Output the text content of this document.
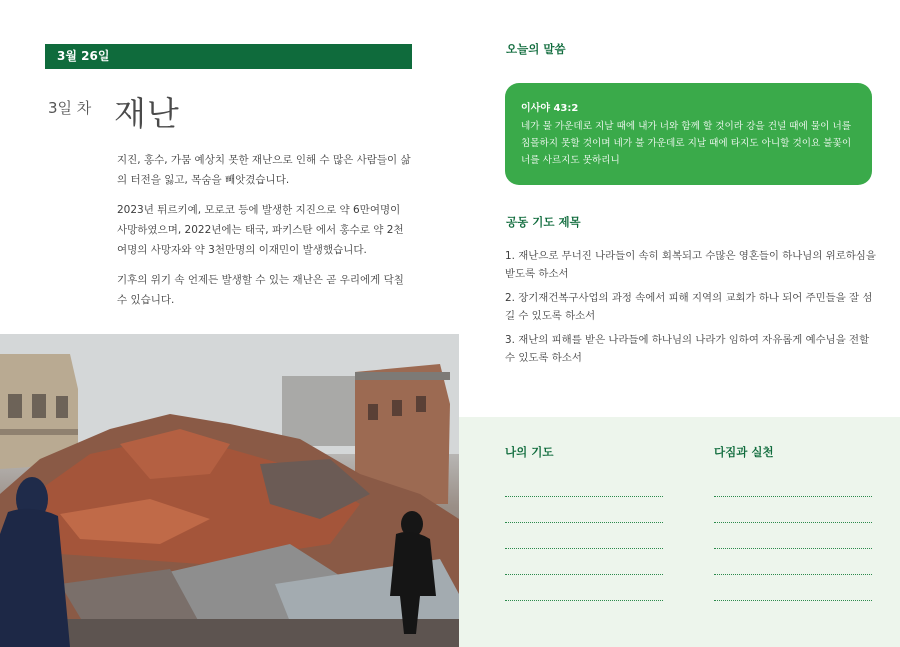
3월 26일
3일 차 재난

지진, 홍수, 가뭄 예상치 못한 재난으로 인해 수 많은 사람들이 삶의 터전을 잃고, 목숨을 빼앗겼습니다.

2023년 튀르키예, 모로코 등에 발생한 지진으로 약 6만여명이 사망하였으며, 2022년에는 태국, 파키스탄 에서 홍수로 약 2천여명의 사망자와 약 3천만명의 이재민이 발생했습니다.

기후의 위기 속 언제든 발생할 수 있는 재난은 곧 우리에게 닥칠 수 있습니다.

오늘의 말씀
이사야 43:2
네가 물 가운데로 지날 때에 내가 너와 함께 할 것이라 강을 건널 때에 물이 너를 침몰하지 못할 것이며 네가 불 가운데로 지날 때에 타지도 아니할 것이요 불꽃이 너를 사르지도 못하리니
공동 기도 제목
1. 재난으로 무너진 나라들이 속히 회복되고 수많은 영혼들이 하나님의 위로하심을 받도록 하소서
2. 장기재건복구사업의 과정 속에서 피해 지역의 교회가 하나 되어 주민들을 잘 섬길 수 있도록 하소서
3. 재난의 피해를 받은 나라들에 하나님의 나라가 임하여 자유롭게 예수님을 전할 수 있도록 하소서
나의 기도	다짐과 실천
